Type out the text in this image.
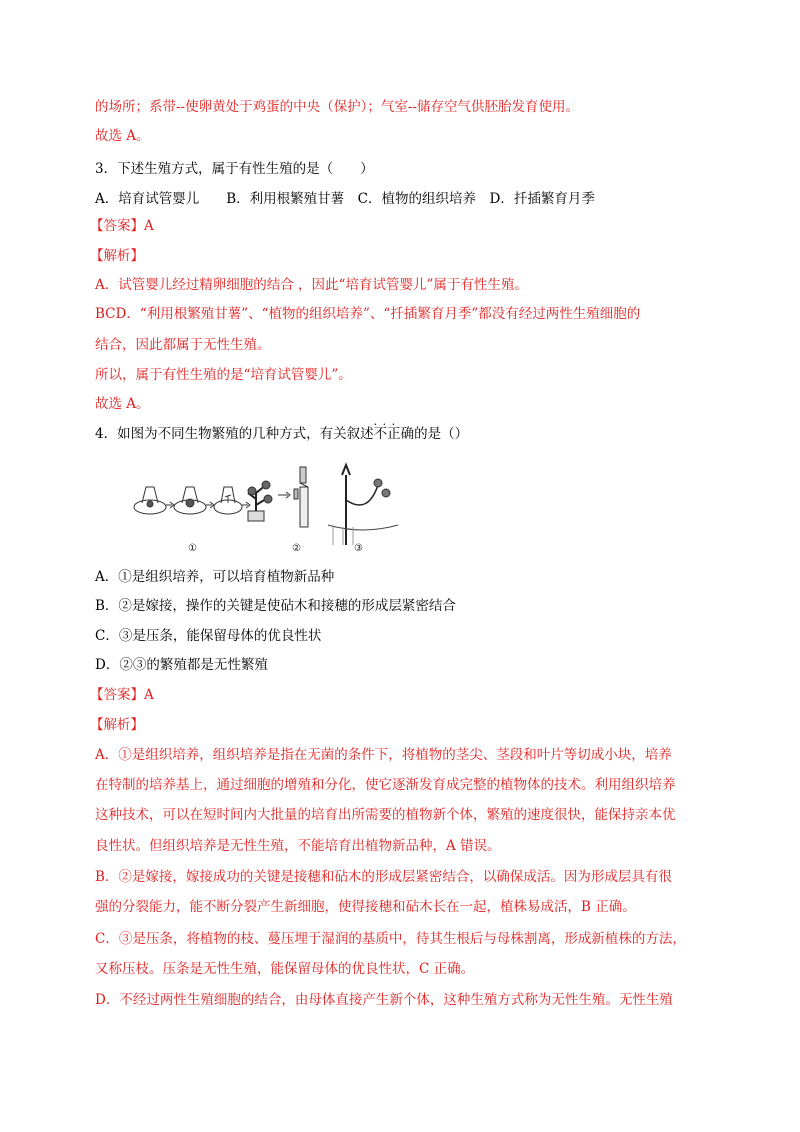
的场所；系带--使卵黄处于鸡蛋的中央（保护）；气室--储存空气供胚胎发育使用。
故选 A。
3．下述生殖方式，属于有性生殖的是（　　）
A．培育试管婴儿　　B．利用根繁殖甘薯　C．植物的组织培养　D．扦插繁育月季
【答案】A
【解析】
A．试管婴儿经过精卵细胞的结合 ，因此“培育试管婴儿”属于有性生殖。
BCD．“利用根繁殖甘薯”、“植物的组织培养”、“扦插繁育月季”都没有经过两性生殖细胞的
结合，因此都属于无性生殖。
所以，属于有性生殖的是“培育试管婴儿”。
故选 A。
4．如图为不同生物繁殖的几种方式，有关叙述不正确 · · ·的是（）
①	②	③
A．①是组织培养，可以培育植物新品种
B．②是嫁接，操作的关键是使砧木和接穗的形成层紧密结合
C．③是压条，能保留母体的优良性状
D．②③的繁殖都是无性繁殖
【答案】A
【解析】
A．①是组织培养，组织培养是指在无菌的条件下，将植物的茎尖、茎段和叶片等切成小块，培养
在特制的培养基上，通过细胞的增殖和分化，使它逐渐发育成完整的植物体的技术。利用组织培养
这种技术，可以在短时间内大批量的培育出所需要的植物新个体，繁殖的速度很快，能保持亲本优
良性状。但组织培养是无性生殖，不能培育出植物新品种，A 错误。
B．②是嫁接，嫁接成功的关键是接穗和砧木的形成层紧密结合，以确保成活。因为形成层具有很
强的分裂能力，能不断分裂产生新细胞，使得接穗和砧木长在一起，植株易成活，B 正确。
C．③是压条，将植物的枝、蔓压埋于湿润的基质中，待其生根后与母株割离，形成新植株的方法，
又称压枝。压条是无性生殖，能保留母体的优良性状，C 正确。
D．不经过两性生殖细胞的结合，由母体直接产生新个体，这种生殖方式称为无性生殖。无性生殖
